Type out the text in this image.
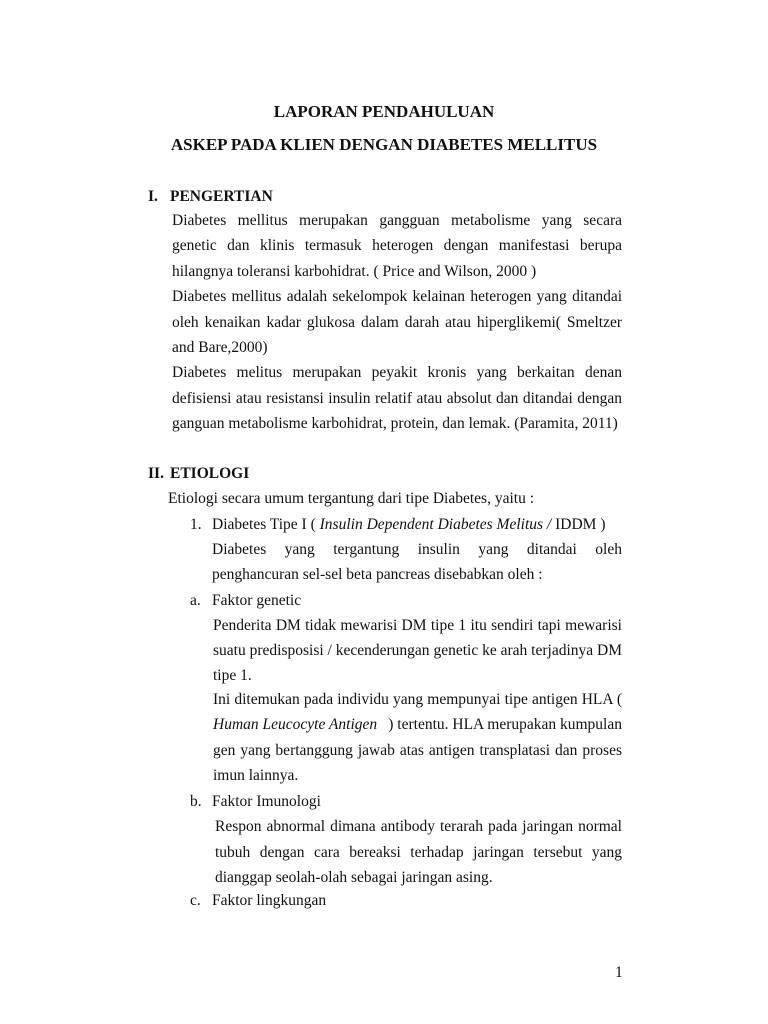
LAPORAN PENDAHULUAN
ASKEP PADA KLIEN DENGAN DIABETES MELLITUS
I. PENGERTIAN
Diabetes mellitus merupakan gangguan metabolisme yang secara
genetic dan klinis termasuk heterogen dengan manifestasi berupa
hilangnya toleransi karbohidrat. ( Price and Wilson, 2000 )
Diabetes mellitus adalah sekelompok kelainan heterogen yang ditandai
oleh kenaikan kadar glukosa dalam darah atau hiperglikemi( Smeltzer
and Bare,2000)
Diabetes melitus merupakan peyakit kronis yang berkaitan denan
defisiensi atau resistansi insulin relatif atau absolut dan ditandai dengan
ganguan metabolisme karbohidrat, protein, dan lemak. (Paramita, 2011)
II. ETIOLOGI
Etiologi secara umum tergantung dari tipe Diabetes, yaitu :
1. Diabetes Tipe I ( Insulin Dependent Diabetes Melitus / IDDM )
Diabetes yang tergantung insulin yang ditandai oleh
penghancuran sel-sel beta pancreas disebabkan oleh :
a. Faktor genetic
Penderita DM tidak mewarisi DM tipe 1 itu sendiri tapi mewarisi
suatu predisposisi / kecenderungan genetic ke arah terjadinya DM
tipe 1.
Ini ditemukan pada individu yang mempunyai tipe antigen HLA (
Human Leucocyte Antigen ) tertentu. HLA merupakan kumpulan
gen yang bertanggung jawab atas antigen transplatasi dan proses
imun lainnya.
b. Faktor Imunologi
Respon abnormal dimana antibody terarah pada jaringan normal
tubuh dengan cara bereaksi terhadap jaringan tersebut yang
dianggap seolah-olah sebagai jaringan asing.
c. Faktor lingkungan
1
